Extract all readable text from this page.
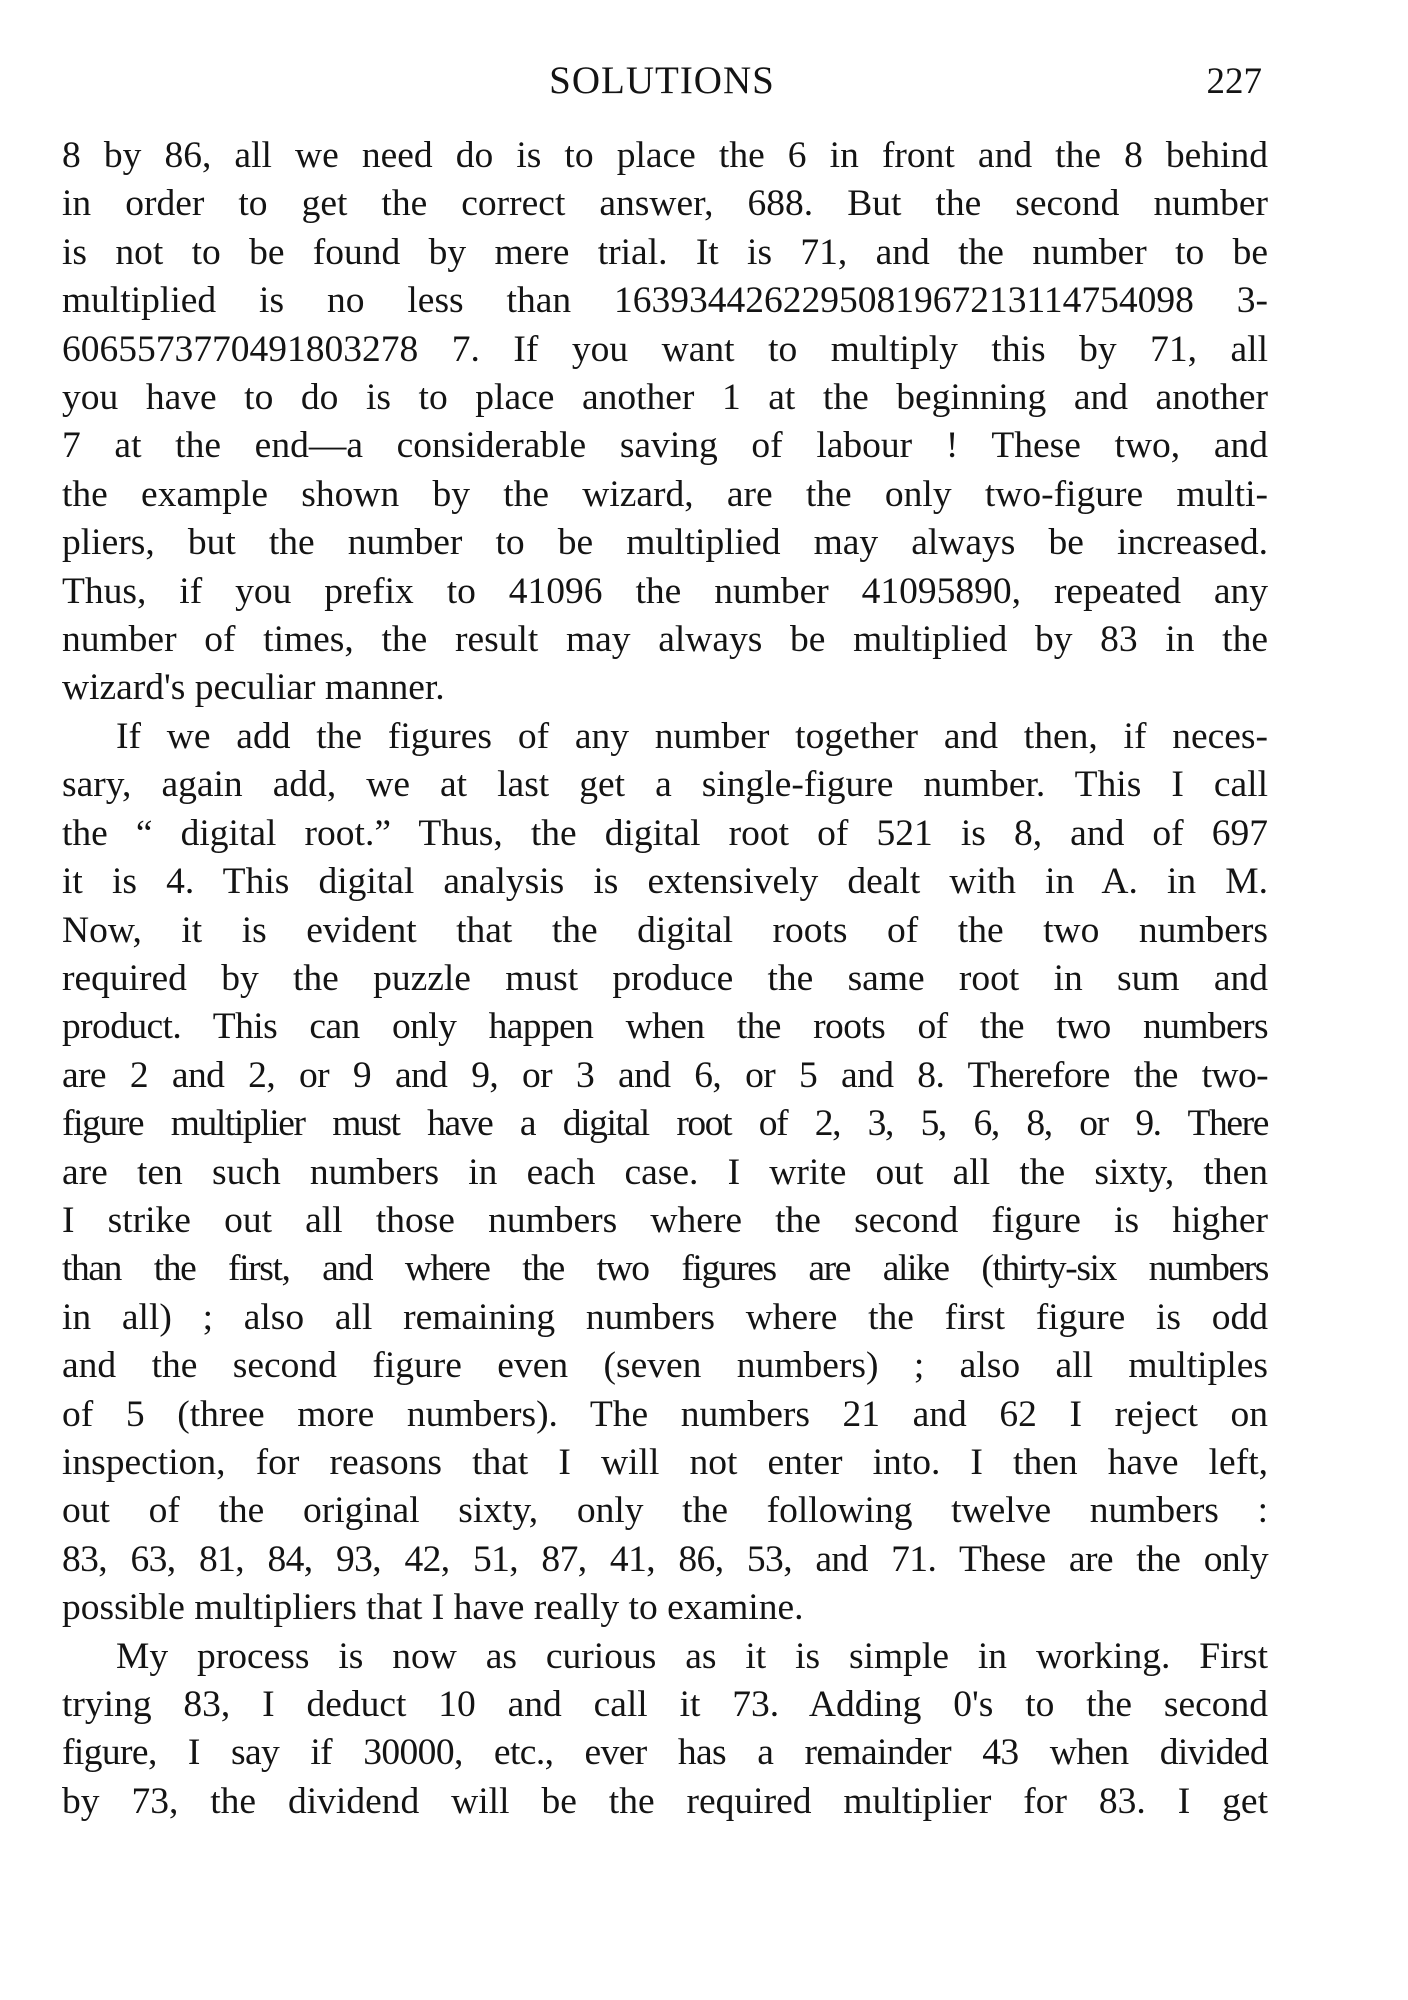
SOLUTIONS	227

8 by 86, all we need do is to place the 6 in front and the 8 behind
in order to get the correct answer, 688. But the second number
is not to be found by mere trial. It is 71, and the number to be
multiplied is no less than 1639344262295081967213114754098 3-
6065573770491803278 7. If you want to multiply this by 71, all
you have to do is to place another 1 at the beginning and another
7 at the end—a considerable saving of labour ! These two, and
the example shown by the wizard, are the only two-figure multi-
pliers, but the number to be multiplied may always be increased.
Thus, if you prefix to 41096 the number 41095890, repeated any
number of times, the result may always be multiplied by 83 in the
wizard's peculiar manner.

If we add the figures of any number together and then, if neces-
sary, again add, we at last get a single-figure number. This I call
the “ digital root.” Thus, the digital root of 521 is 8, and of 697
it is 4. This digital analysis is extensively dealt with in A. in M.
Now, it is evident that the digital roots of the two numbers
required by the puzzle must produce the same root in sum and
product. This can only happen when the roots of the two numbers
are 2 and 2, or 9 and 9, or 3 and 6, or 5 and 8. Therefore the two-
figure multiplier must have a digital root of 2, 3, 5, 6, 8, or 9. There
are ten such numbers in each case. I write out all the sixty, then
I strike out all those numbers where the second figure is higher
than the first, and where the two figures are alike (thirty-six numbers
in all) ; also all remaining numbers where the first figure is odd
and the second figure even (seven numbers) ; also all multiples
of 5 (three more numbers). The numbers 21 and 62 I reject on
inspection, for reasons that I will not enter into. I then have left,
out of the original sixty, only the following twelve numbers :
83, 63, 81, 84, 93, 42, 51, 87, 41, 86, 53, and 71. These are the only
possible multipliers that I have really to examine.

My process is now as curious as it is simple in working. First
trying 83, I deduct 10 and call it 73. Adding 0's to the second
figure, I say if 30000, etc., ever has a remainder 43 when divided
by 73, the dividend will be the required multiplier for 83. I get
